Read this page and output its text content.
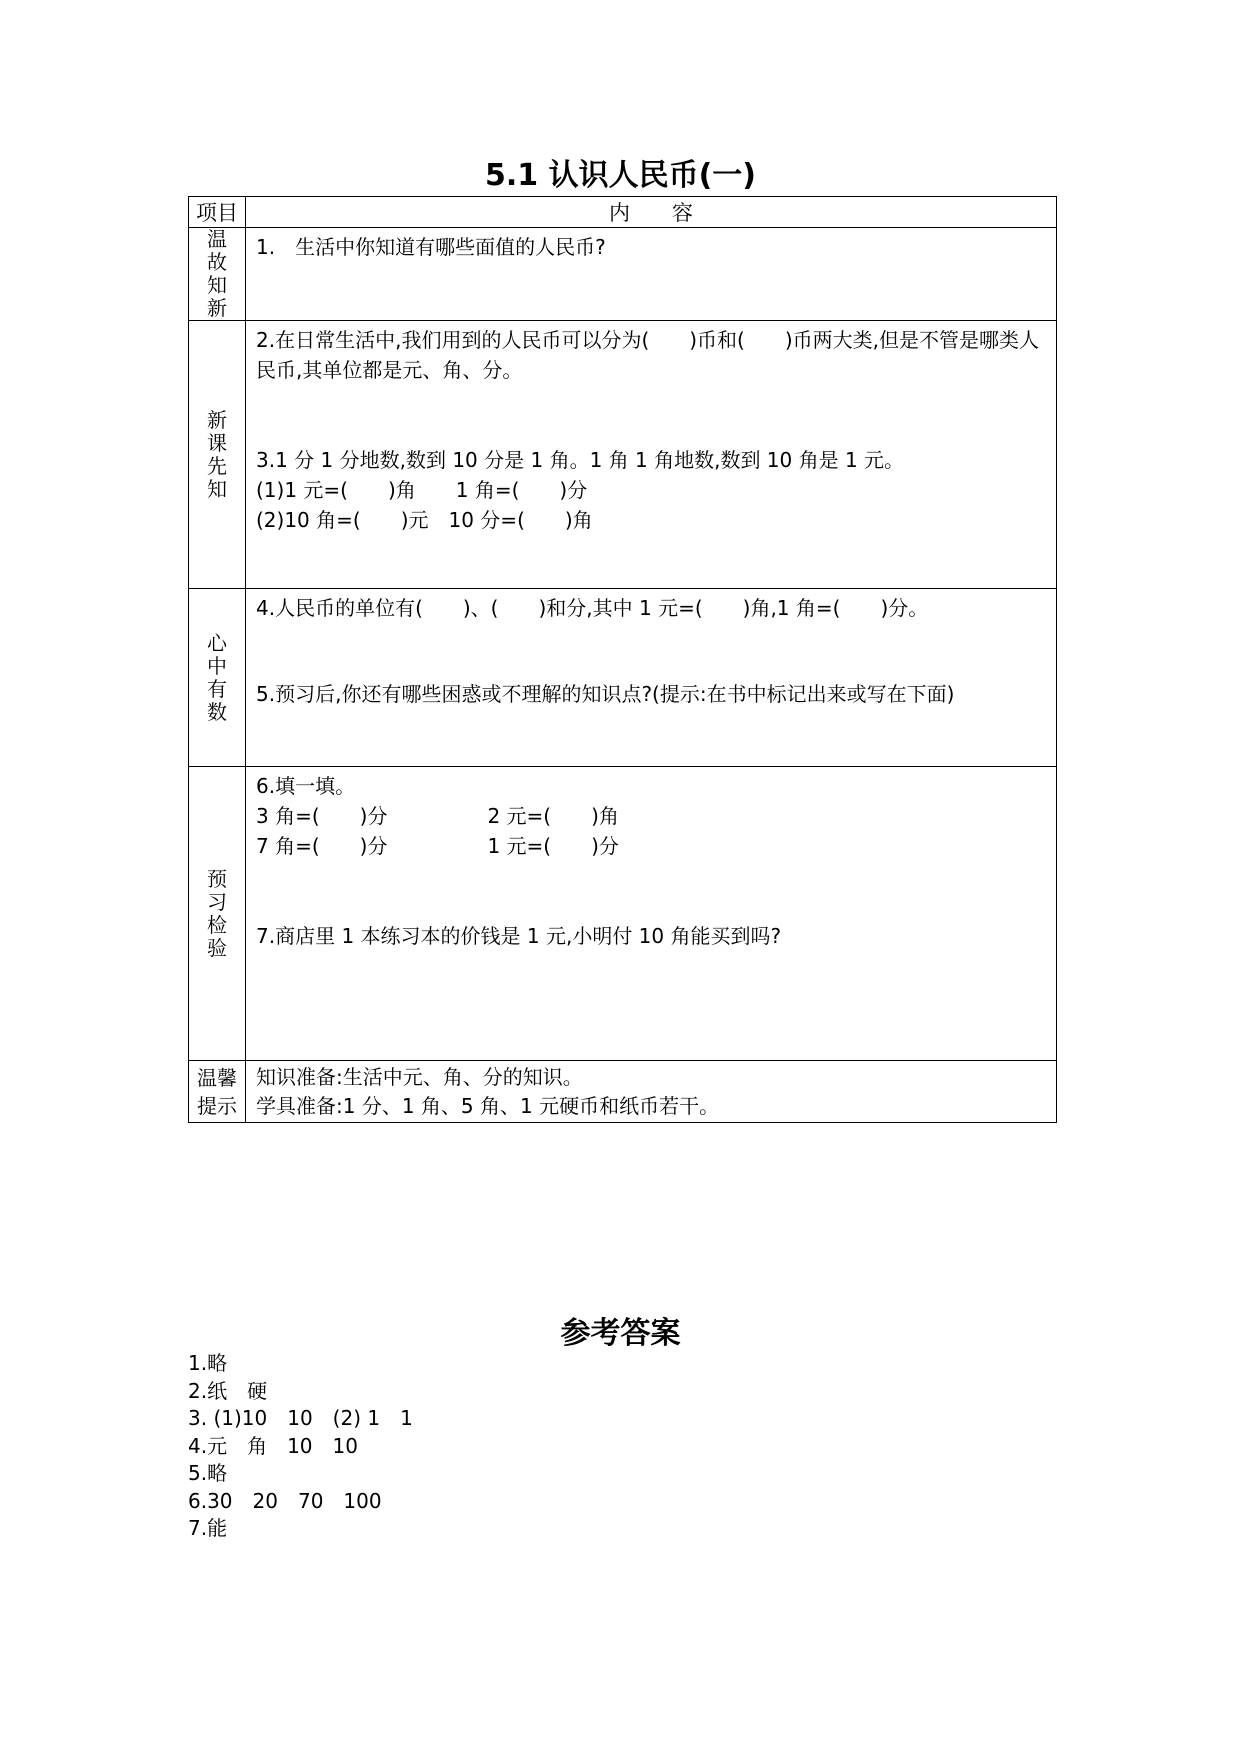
5.1 认识人民币(一)
项目	内　　容

温故知新	1.　生活中你知道有哪些面值的人民币?

新课先知	2.在日常生活中,我们用到的人民币可以分为(　　)币和(　　)币两大类,但是不管是哪类人民币,其单位都是元、角、分。

3.1 分 1 分地数,数到 10 分是 1 角。1 角 1 角地数,数到 10 角是 1 元。

(1)1 元=(　　)角　　1 角=(　　)分

(2)10 角=(　　)元　10 分=(　　)角

心中有数	4.人民币的单位有(　　)、(　　)和分,其中 1 元=(　　)角,1 角=(　　)分。

5.预习后,你还有哪些困惑或不理解的知识点?(提示:在书中标记出来或写在下面)

预习检验	6.填一填。

3 角=(　　)分　　　　　2 元=(　　)角

7 角=(　　)分　　　　　1 元=(　　)分

7.商店里 1 本练习本的价钱是 1 元,小明付 10 角能买到吗?

温馨提示	知识准备:生活中元、角、分的知识。

学具准备:1 分、1 角、5 角、1 元硬币和纸币若干。

参考答案
1.略
2.纸　硬
3. (1)10　10　(2) 1　1
4.元　角　10　10
5.略
6.30　20　70　100
7.能
